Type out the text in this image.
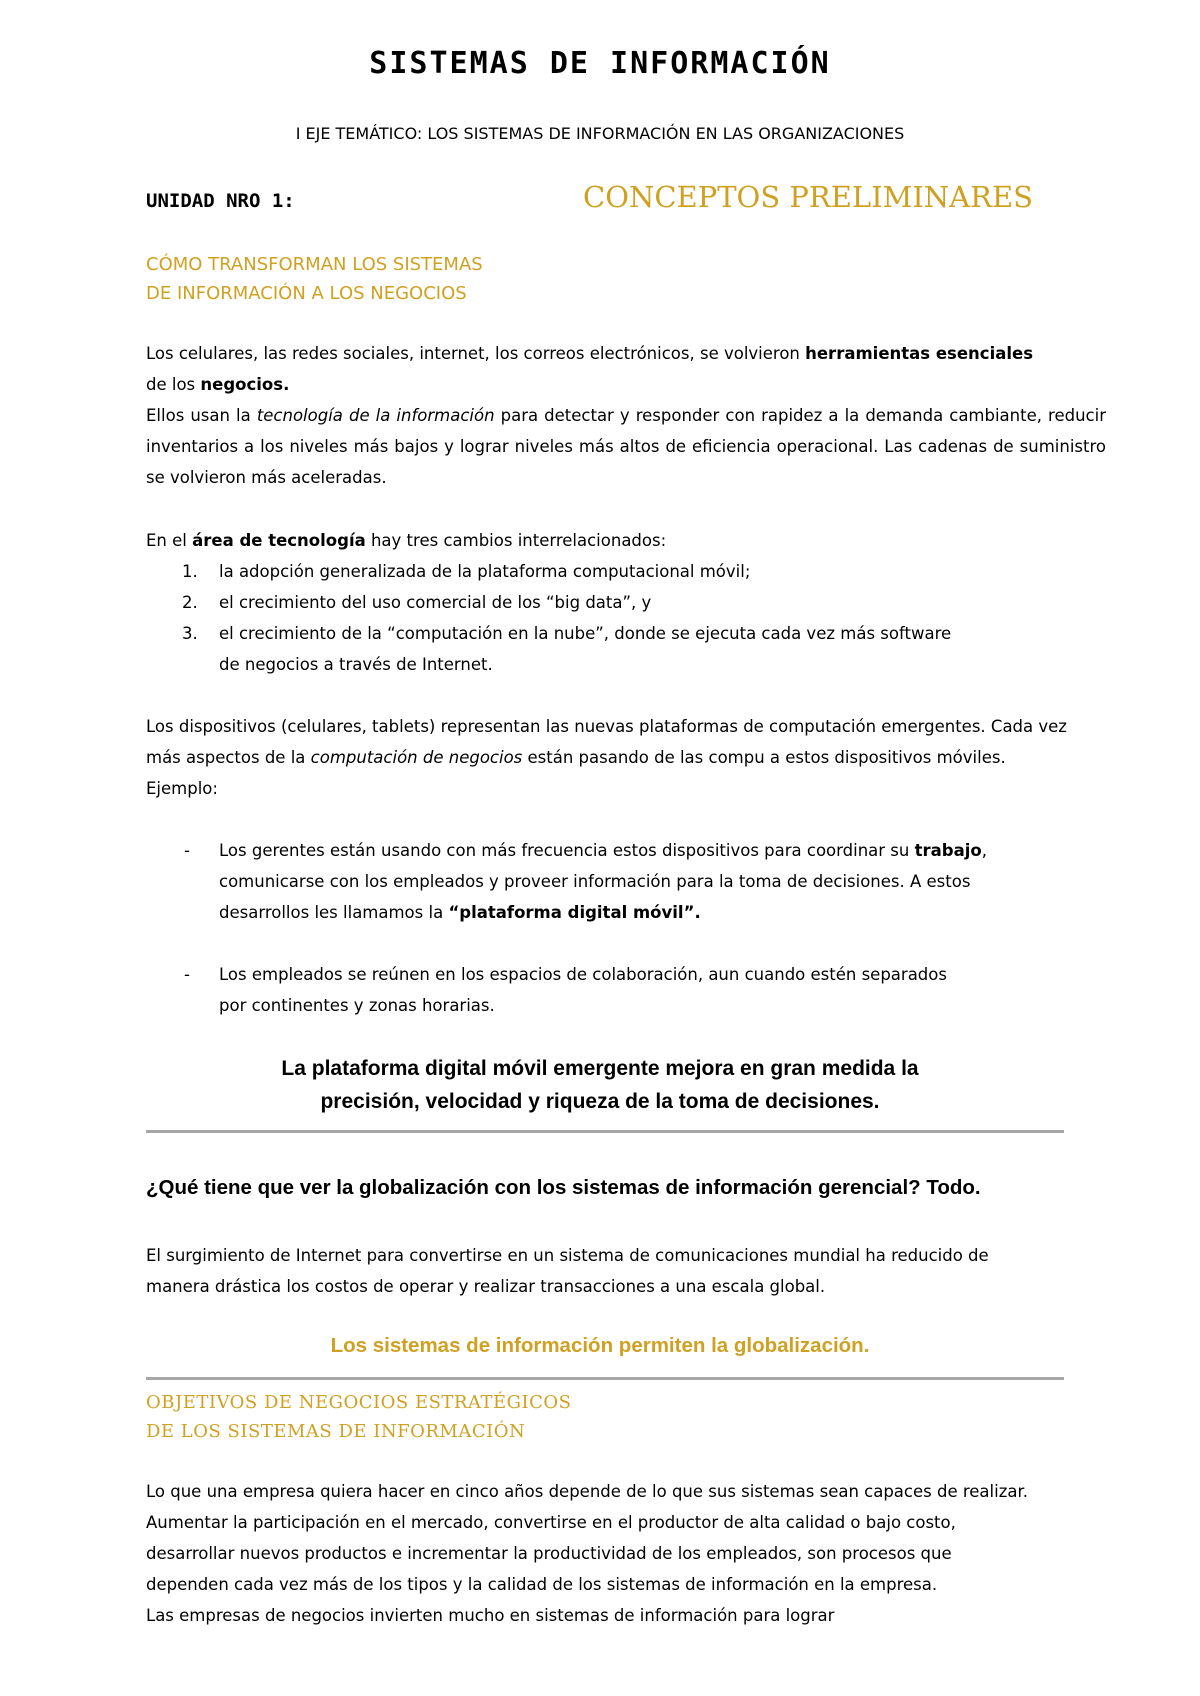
SISTEMAS DE INFORMACIÓN
I EJE TEMÁTICO: LOS SISTEMAS DE INFORMACIÓN EN LAS ORGANIZACIONES
UNIDAD NRO 1:	CONCEPTOS PRELIMINARES
CÓMO TRANSFORMAN LOS SISTEMAS
DE INFORMACIÓN A LOS NEGOCIOS
Los celulares, las redes sociales, internet, los correos electrónicos, se volvieron herramientas esenciales
de los negocios.
Ellos usan la tecnología de la información para detectar y responder con rapidez a la demanda cambiante, reducir inventarios a los niveles más bajos y lograr niveles más altos de eficiencia operacional. Las cadenas de suministro se volvieron más aceleradas.
En el área de tecnología hay tres cambios interrelacionados:
1. la adopción generalizada de la plataforma computacional móvil;
2. el crecimiento del uso comercial de los “big data”, y
3. el crecimiento de la “computación en la nube”, donde se ejecuta cada vez más software
de negocios a través de Internet.
Los dispositivos (celulares, tablets) representan las nuevas plataformas de computación emergentes. Cada vez
más aspectos de la computación de negocios están pasando de las compu a estos dispositivos móviles.
Ejemplo:
- Los gerentes están usando con más frecuencia estos dispositivos para coordinar su trabajo,
comunicarse con los empleados y proveer información para la toma de decisiones. A estos
desarrollos les llamamos la “plataforma digital móvil”.
- Los empleados se reúnen en los espacios de colaboración, aun cuando estén separados
por continentes y zonas horarias.
La plataforma digital móvil emergente mejora en gran medida la
precisión, velocidad y riqueza de la toma de decisiones.
¿Qué tiene que ver la globalización con los sistemas de información gerencial? Todo.
El surgimiento de Internet para convertirse en un sistema de comunicaciones mundial ha reducido de
manera drástica los costos de operar y realizar transacciones a una escala global.
Los sistemas de información permiten la globalización.
OBJETIVOS DE NEGOCIOS ESTRATÉGICOS
DE LOS SISTEMAS DE INFORMACIÓN
Lo que una empresa quiera hacer en cinco años depende de lo que sus sistemas sean capaces de realizar.
Aumentar la participación en el mercado, convertirse en el productor de alta calidad o bajo costo,
desarrollar nuevos productos e incrementar la productividad de los empleados, son procesos que
dependen cada vez más de los tipos y la calidad de los sistemas de información en la empresa.
Las empresas de negocios invierten mucho en sistemas de información para lograr
